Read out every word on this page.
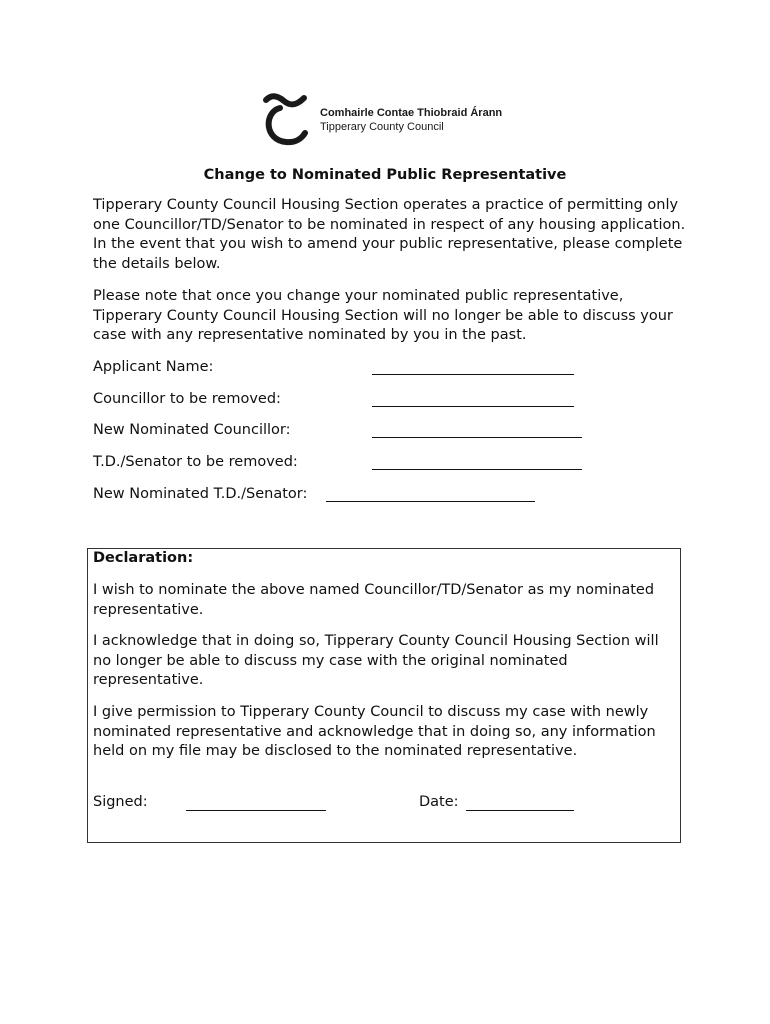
Comhairle Contae Thiobraid Árann
Tipperary County Council
Change to Nominated Public Representative

Tipperary County Council Housing Section operates a practice of permitting only one Councillor/TD/Senator to be nominated in respect of any housing application. In the event that you wish to amend your public representative, please complete the details below.

Please note that once you change your nominated public representative, Tipperary County Council Housing Section will no longer be able to discuss your case with any representative nominated by you in the past.

Applicant Name:
Councillor to be removed:
New Nominated Councillor:
T.D./Senator to be removed:
New Nominated T.D./Senator:

Declaration:

I wish to nominate the above named Councillor/TD/Senator as my nominated representative.

I acknowledge that in doing so, Tipperary County Council Housing Section will no longer be able to discuss my case with the original nominated representative.

I give permission to Tipperary County Council to discuss my case with newly nominated representative and acknowledge that in doing so, any information held on my file may be disclosed to the nominated representative.

Signed:	Date:
